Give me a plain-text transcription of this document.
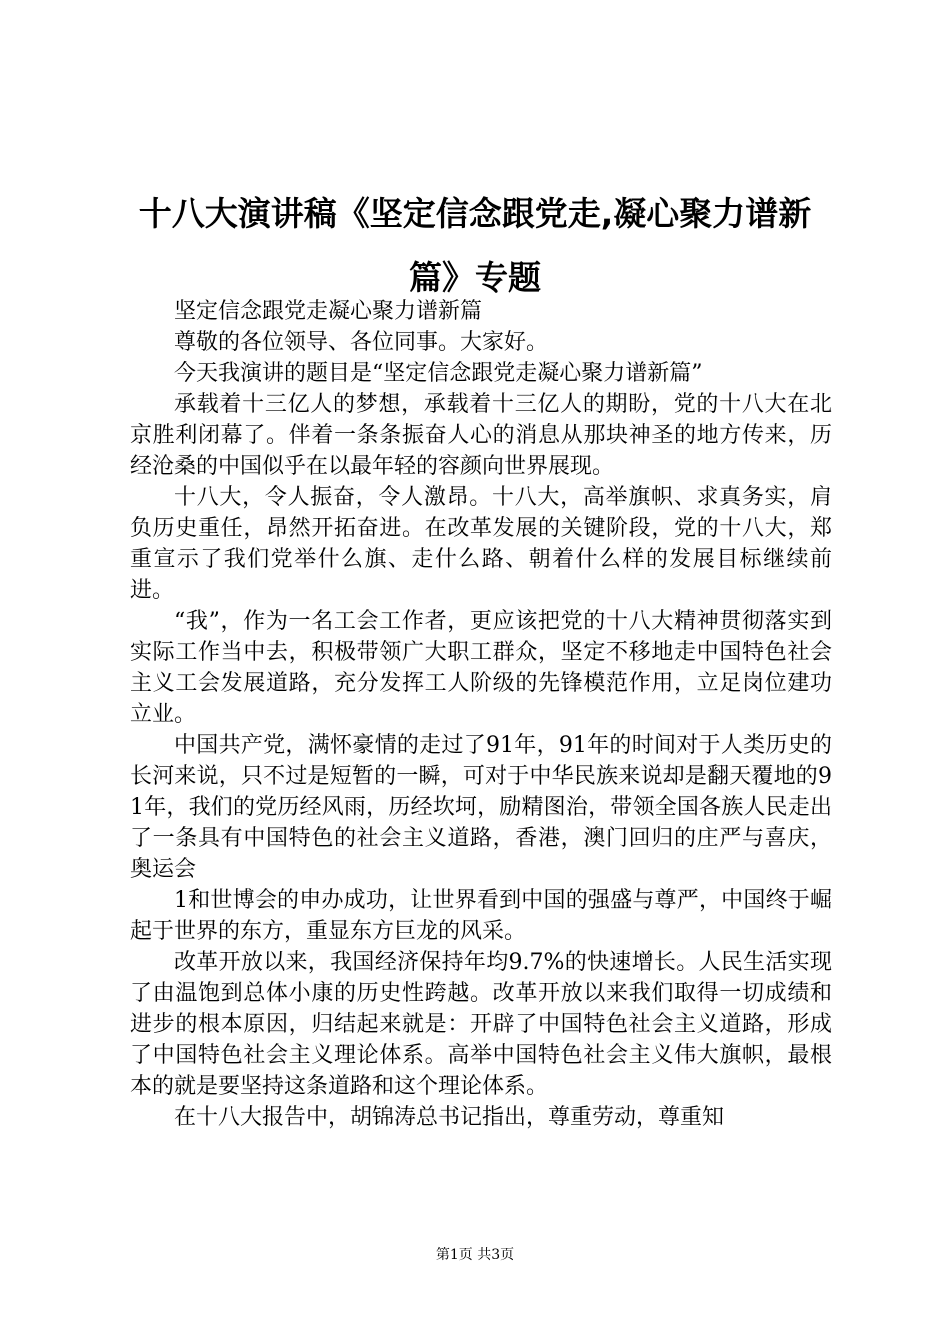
十八大演讲稿《坚定信念跟党走,凝心聚力谱新篇》专题

坚定信念跟党走凝心聚力谱新篇

尊敬的各位领导、各位同事。大家好。

今天我演讲的题目是“坚定信念跟党走凝心聚力谱新篇”

承载着十三亿人的梦想，承载着十三亿人的期盼，党的十八大在北京胜利闭幕了。伴着一条条振奋人心的消息从那块神圣的地方传来，历经沧桑的中国似乎在以最年轻的容颜向世界展现。

十八大，令人振奋，令人激昂。十八大，高举旗帜、求真务实，肩负历史重任，昂然开拓奋进。在改革发展的关键阶段，党的十八大，郑重宣示了我们党举什么旗、走什么路、朝着什么样的发展目标继续前进。

“我”，作为一名工会工作者，更应该把党的十八大精神贯彻落实到实际工作当中去，积极带领广大职工群众，坚定不移地走中国特色社会主义工会发展道路，充分发挥工人阶级的先锋模范作用，立足岗位建功立业。

中国共产党，满怀豪情的走过了91年，91年的时间对于人类历史的长河来说，只不过是短暂的一瞬，可对于中华民族来说却是翻天覆地的91年，我们的党历经风雨，历经坎坷，励精图治，带领全国各族人民走出了一条具有中国特色的社会主义道路，香港，澳门回归的庄严与喜庆，奥运会

1和世博会的申办成功，让世界看到中国的强盛与尊严，中国终于崛起于世界的东方，重显东方巨龙的风采。

改革开放以来，我国经济保持年均9.7%的快速增长。人民生活实现了由温饱到总体小康的历史性跨越。改革开放以来我们取得一切成绩和进步的根本原因，归结起来就是：开辟了中国特色社会主义道路，形成了中国特色社会主义理论体系。高举中国特色社会主义伟大旗帜，最根本的就是要坚持这条道路和这个理论体系。

在十八大报告中，胡锦涛总书记指出，尊重劳动，尊重知

第1页 共3页
